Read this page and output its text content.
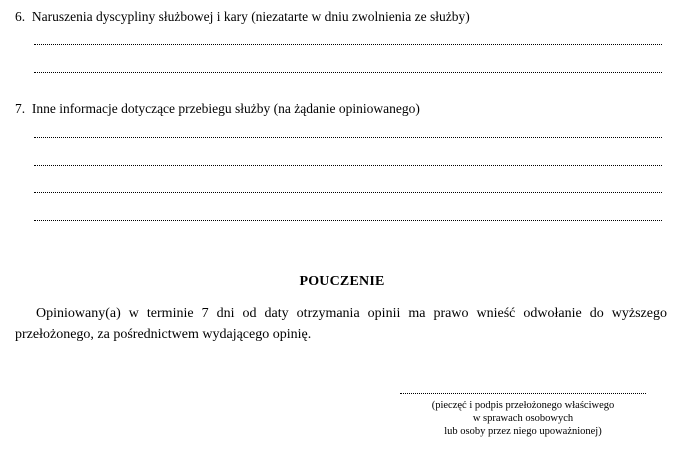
6. Naruszenia dyscypliny służbowej i kary (niezatarte w dniu zwolnienia ze służby)
7. Inne informacje dotyczące przebiegu służby (na żądanie opiniowanego)
POUCZENIE
Opiniowany(a) w terminie 7 dni od daty otrzymania opinii ma prawo wnieść odwołanie do wyższego przełożonego, za pośrednictwem wydającego opinię.
(pieczęć i podpis przełożonego właściwego
w sprawach osobowych
lub osoby przez niego upoważnionej)
